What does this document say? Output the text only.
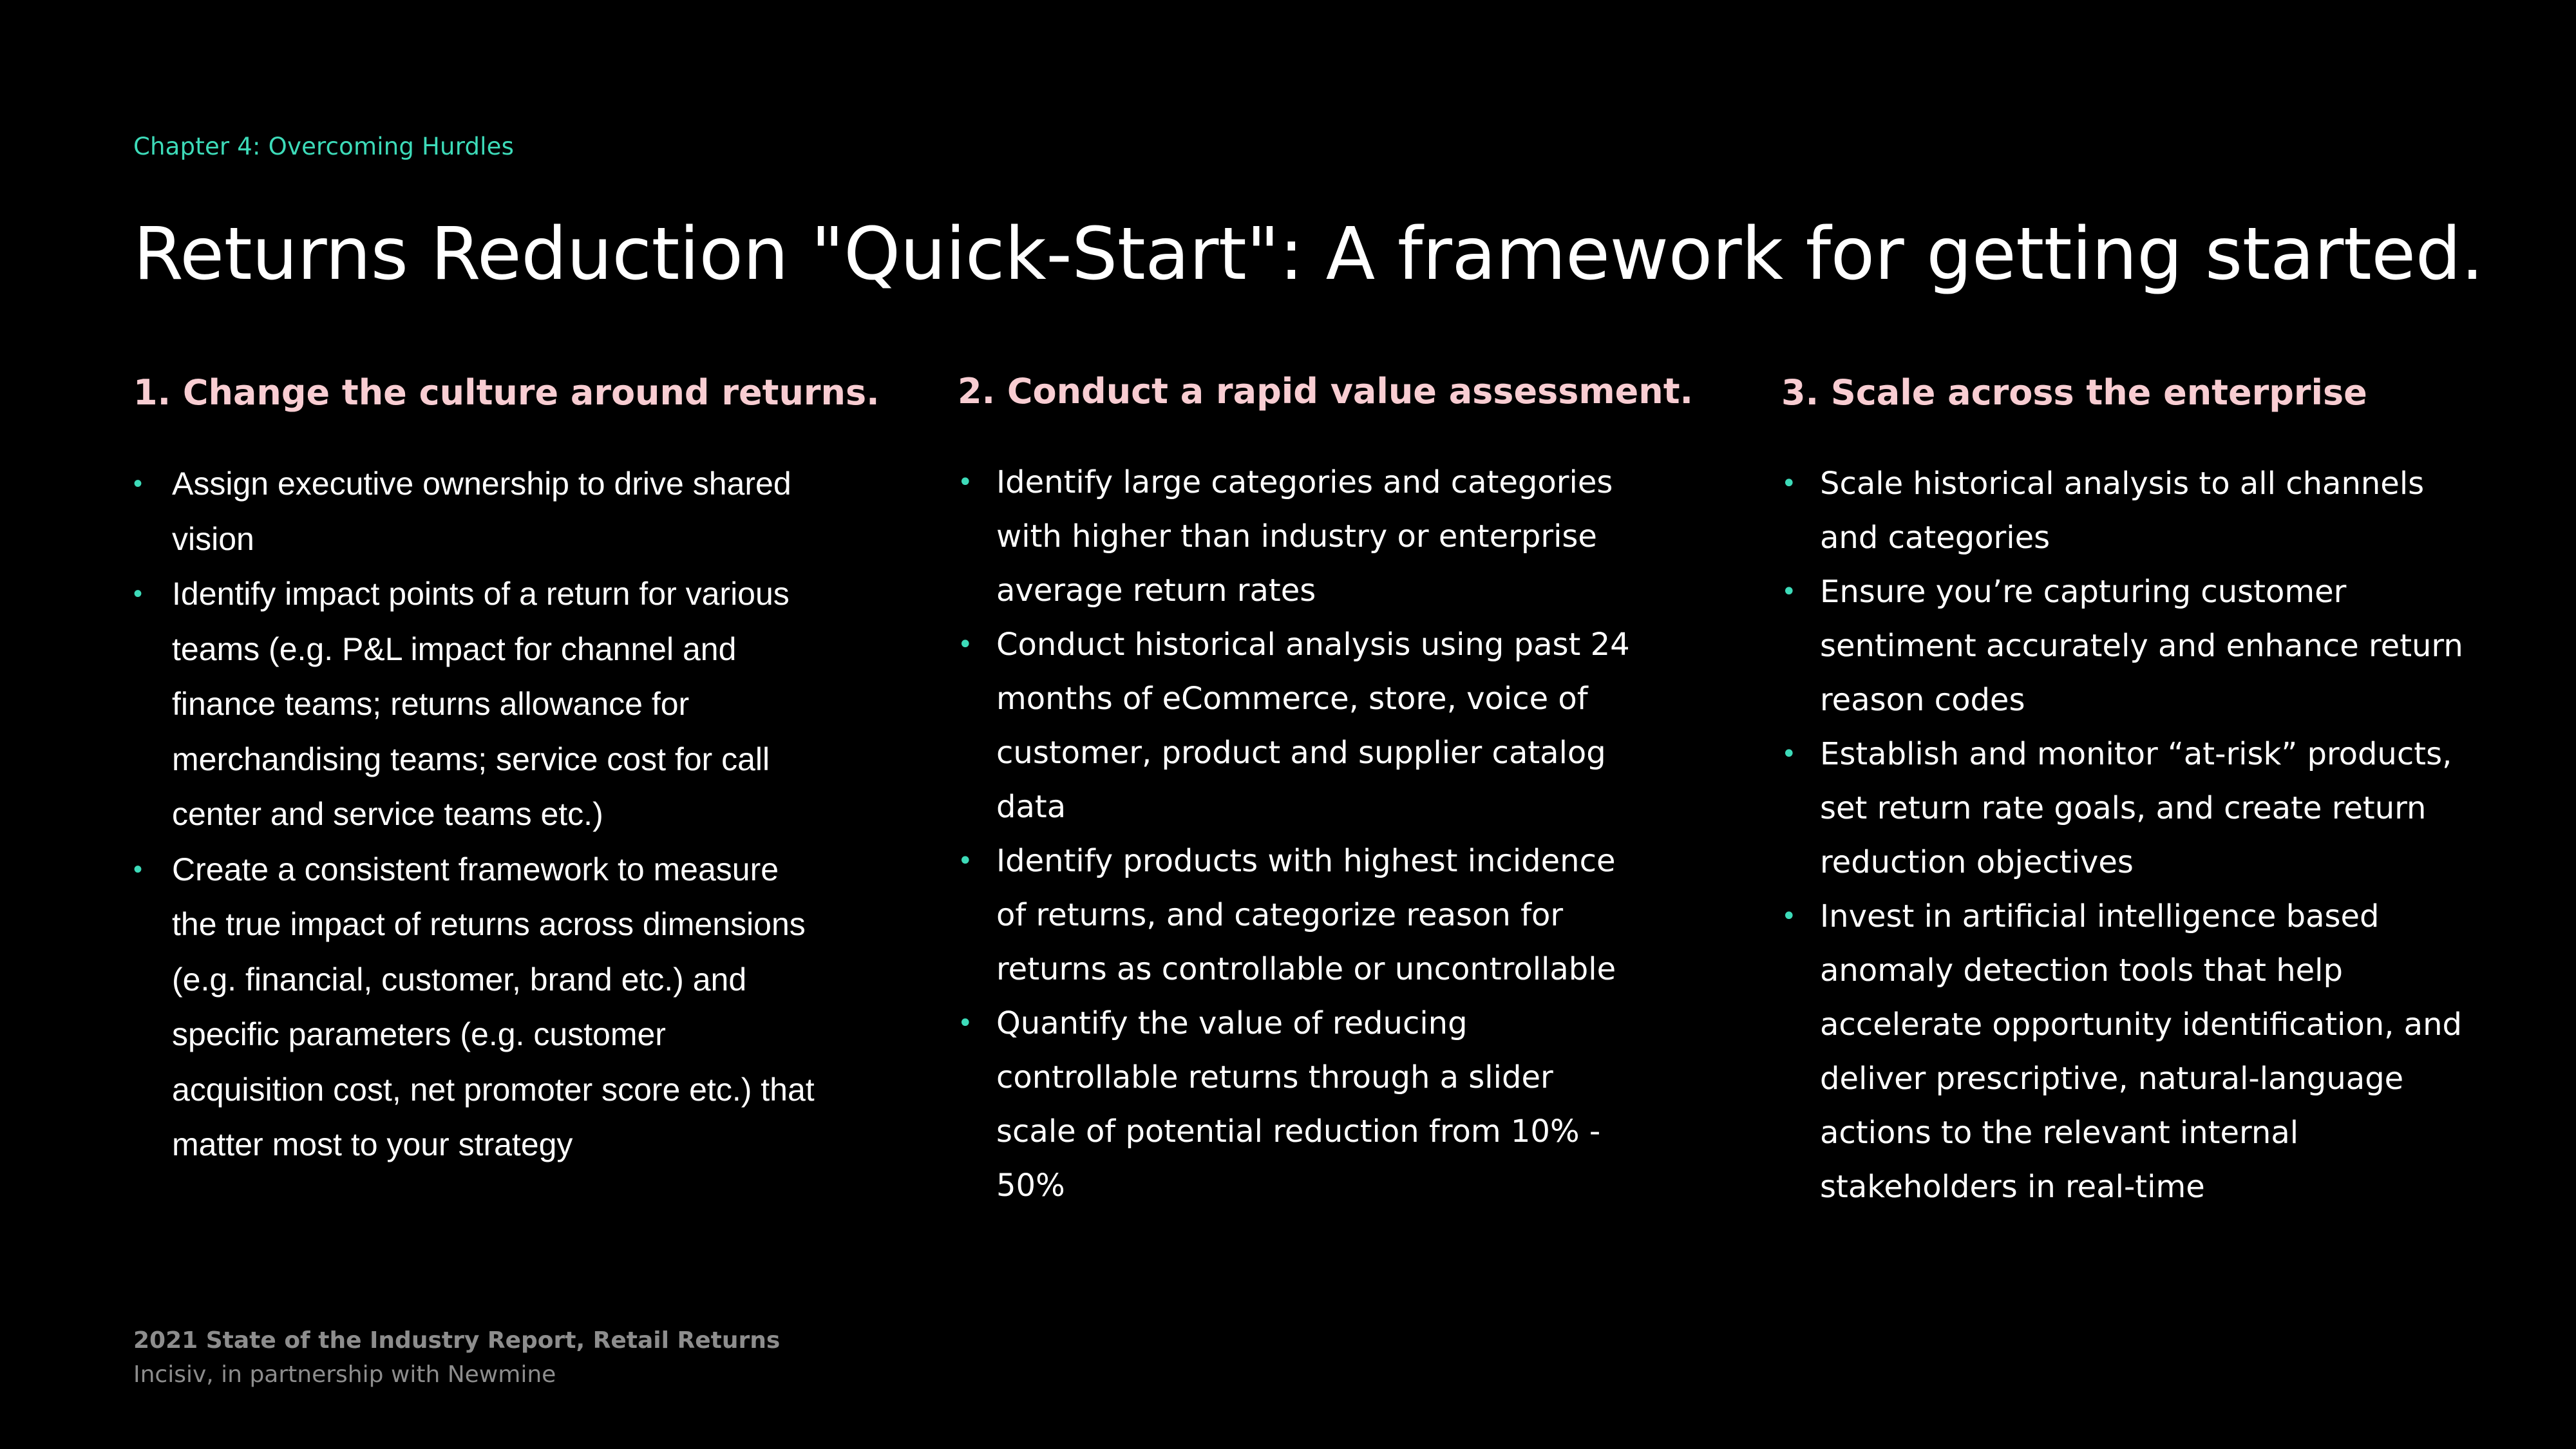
Chapter 4: Overcoming Hurdles
Returns Reduction "Quick-Start": A framework for getting started.
1. Change the culture around returns.
• Assign executive ownership to drive shared vision
• Identify impact points of a return for various teams (e.g. P&L impact for channel and finance teams; returns allowance for merchandising teams; service cost for call center and service teams etc.)
• Create a consistent framework to measure the true impact of returns across dimensions (e.g. financial, customer, brand etc.) and specific parameters (e.g. customer acquisition cost, net promoter score etc.) that matter most to your strategy
2. Conduct a rapid value assessment.
• Identify large categories and categories with higher than industry or enterprise average return rates
• Conduct historical analysis using past 24 months of eCommerce, store, voice of customer, product and supplier catalog data
• Identify products with highest incidence of returns, and categorize reason for returns as controllable or uncontrollable
• Quantify the value of reducing controllable returns through a slider scale of potential reduction from 10% - 50%
3. Scale across the enterprise
• Scale historical analysis to all channels and categories
• Ensure you’re capturing customer sentiment accurately and enhance return reason codes
• Establish and monitor “at-risk” products, set return rate goals, and create return reduction objectives
• Invest in artificial intelligence based anomaly detection tools that help accelerate opportunity identification, and deliver prescriptive, natural-language actions to the relevant internal stakeholders in real-time
2021 State of the Industry Report, Retail Returns
Incisiv, in partnership with Newmine
